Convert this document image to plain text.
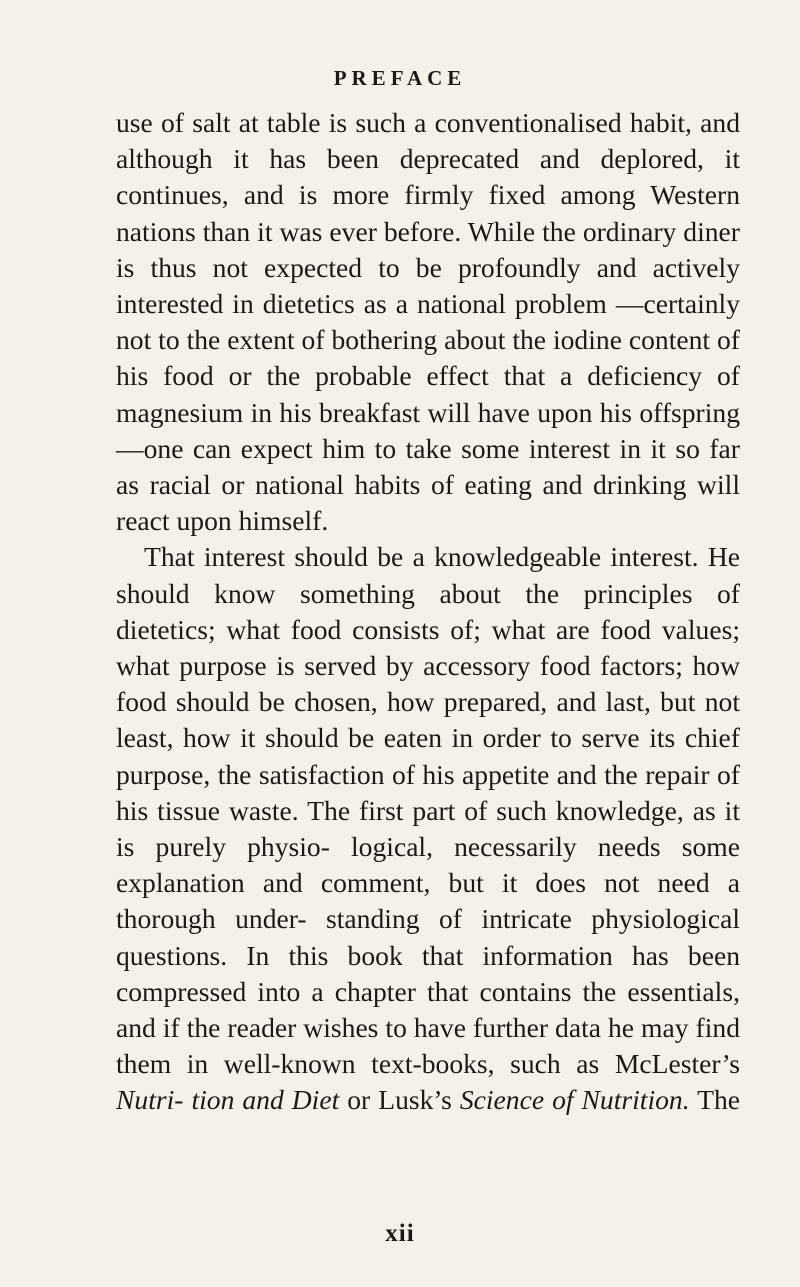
PREFACE

use of salt at table is such a conventionalised habit, and although it has been deprecated and deplored, it continues, and is more firmly fixed among Western nations than it was ever before. While the ordinary diner is thus not expected to be profoundly and actively interested in dietetics as a national problem —certainly not to the extent of bothering about the iodine content of his food or the probable effect that a deficiency of magnesium in his breakfast will have upon his offspring—one can expect him to take some interest in it so far as racial or national habits of eating and drinking will react upon himself.

That interest should be a knowledgeable interest. He should know something about the principles of dietetics; what food consists of; what are food values; what purpose is served by accessory food factors; how food should be chosen, how prepared, and last, but not least, how it should be eaten in order to serve its chief purpose, the satisfaction of his appetite and the repair of his tissue waste. The first part of such knowledge, as it is purely physio- logical, necessarily needs some explanation and comment, but it does not need a thorough under- standing of intricate physiological questions. In this book that information has been compressed into a chapter that contains the essentials, and if the reader wishes to have further data he may find them in well-known text-books, such as McLester’s Nutri- tion and Diet or Lusk’s Science of Nutrition. The

xii
